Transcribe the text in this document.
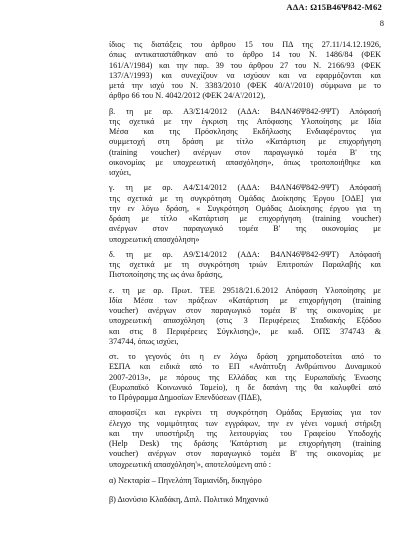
ΑΔΑ: Ω15Β46Ψ842-Μ62
8
ίδιος τις διατάξεις του άρθρου 15 του ΠΔ της 27.11/14.12.1926,
όπως αντικαταστάθηκαν από το άρθρο 14 του Ν. 1486/84 (ΦΕΚ
161/Α'/1984) και την παρ. 39 του άρθρου 27 του Ν. 2166/93 (ΦΕΚ
137/Α'/1993) και συνεχίζουν να ισχύουν και να εφαρμόζονται και
μετά την ισχύ του Ν. 3383/2010 (ΦΕΚ 40/Α'/2010) σύμφωνα με το
άρθρο 66 του Ν. 4042/2012 (ΦΕΚ 24/Α'/2012),
β. τη με αρ. Α3/Σ14/2012 (ΑΔΑ: Β4ΛΝ46Ψ842-9ΨΤ) Απόφασή
της σχετικά με την έγκριση της Απόφασης Υλοποίησης με Ιδία
Μέσα και της Πρόσκλησης Εκδήλωσης Ενδιαφέροντος για
συμμετοχή στη δράση με τίτλο «Κατάρτιση με επιχορήγηση
(training voucher) ανέργων στον παραγωγικό τομέα Β' της
οικονομίας με υποχρεωτική απασχόληση», όπως τροποποιήθηκε και
ισχύει,
γ. τη με αρ. Α4/Σ14/2012 (ΑΔΑ: Β4ΛΝ46Ψ842-9ΨΤ) Απόφασή
της σχετικά με τη συγκρότηση Ομάδας Διοίκησης Έργου [ΟΔΕ] για
την εν λόγω δράση, « Συγκρότηση Ομάδας Διοίκησης έργου για τη
δράση με τίτλο «Κατάρτιση με επιχορήγηση (training voucher)
ανέργων στον παραγωγικό τομέα Β' της οικονομίας με
υποχρεωτική απασχόληση»
δ. τη με αρ. Α9/Σ14/2012 (ΑΔΑ: Β4ΛΝ46Ψ842-9ΨΤ) Απόφασή
της σχετικά με τη συγκρότηση τριών Επιτροπών Παραλαβής και
Πιστοποίησης της ως άνω δράσης,
ε. τη με αρ. Πρωτ. ΤΕΕ 29518/21.6.2012 Απόφαση Υλοποίησης με
Ιδία Μέσα των πράξεων «Κατάρτιση με επιχορήγηση (training
voucher) ανέργων στον παραγωγικό τομέα Β' της οικονομίας με
υποχρεωτική απασχόληση (στις 3 Περιφέρειες Σταδιακής Εξόδου
και στις 8 Περιφέρειες Σύγκλισης)», με κωδ. ΟΠΣ 374743 &
374744, όπως ισχύει,
στ. το γεγονός ότι η εν λόγω δράση χρηματοδοτείται από το
ΕΣΠΑ και ειδικά από το ΕΠ «Ανάπτυξη Ανθρώπινου Δυναμικού
2007-2013», με πόρους της Ελλάδας και της Ευρωπαϊκής Ένωσης
(Ευρωπαϊκό Κοινωνικό Ταμείο), η δε δαπάνη της θα καλυφθεί από
το Πρόγραμμα Δημοσίων Επενδύσεων (ΠΔΕ),
αποφασίζει και εγκρίνει τη συγκρότηση Ομάδας Εργασίας για τον
έλεγχο της νομιμότητας των εγγράφων, την εν γένει νομική στήριξη
και την υποστήριξη της λειτουργίας του Γραφείου Υποδοχής
(Help Desk) της δράσης 'Κατάρτιση με επιχορήγηση (training
voucher) ανέργων στον παραγωγικό τομέα Β' της οικονομίας με
υποχρεωτική απασχόληση'», αποτελούμενη από :
α) Νεκταρία – Πηνελόπη Ταμιανίδη, δικηγόρο
β) Διονύσιο Κλαδάκη, Διπλ. Πολιτικό Μηχανικό
